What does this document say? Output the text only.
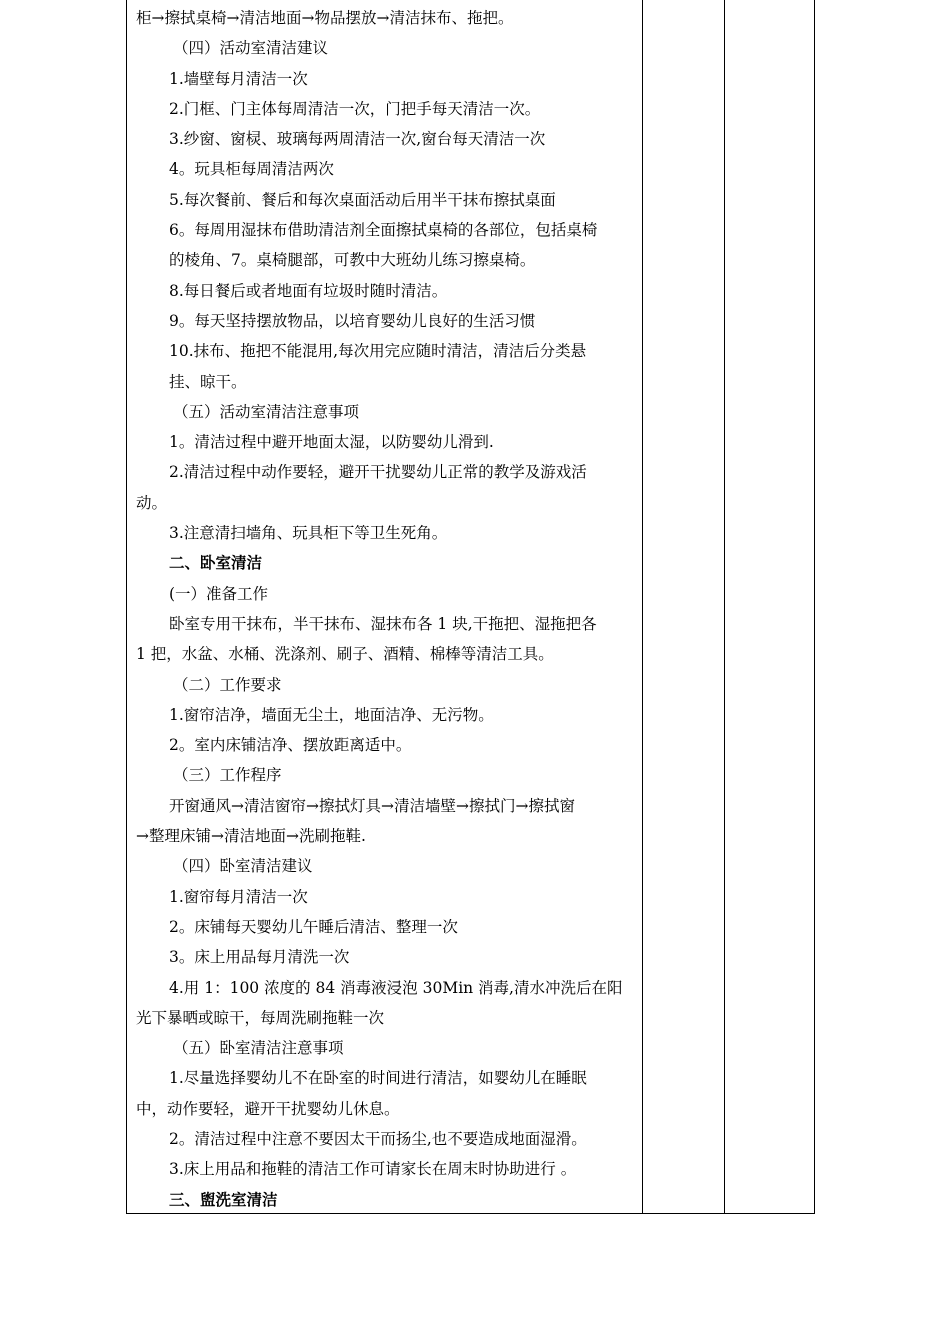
柜→擦拭桌椅→清洁地面→物品摆放→清洁抹布、拖把。
（四）活动室清洁建议
1.墙壁每月清洁一次
2.门框、门主体每周清洁一次，门把手每天清洁一次。
3.纱窗、窗棂、玻璃每两周清洁一次,窗台每天清洁一次
4。玩具柜每周清洁两次
5.每次餐前、餐后和每次桌面活动后用半干抹布擦拭桌面
6。每周用湿抹布借助清洁剂全面擦拭桌椅的各部位，包括桌椅
的棱角、7。桌椅腿部，可教中大班幼儿练习擦桌椅。
8.每日餐后或者地面有垃圾时随时清洁。
9。每天坚持摆放物品，以培育婴幼儿良好的生活习惯
10.抹布、拖把不能混用,每次用完应随时清洁，清洁后分类悬
挂、晾干。
（五）活动室清洁注意事项
1。清洁过程中避开地面太湿，以防婴幼儿滑到.
2.清洁过程中动作要轻，避开干扰婴幼儿正常的教学及游戏活
动。
3.注意清扫墙角、玩具柜下等卫生死角。
二、卧室清洁
(一）准备工作
卧室专用干抹布，半干抹布、湿抹布各 1 块,干拖把、湿拖把各
1 把，水盆、水桶、洗涤剂、刷子、酒精、棉棒等清洁工具。
（二）工作要求
1.窗帘洁净，墙面无尘土，地面洁净、无污物。
2。室内床铺洁净、摆放距离适中。
（三）工作程序
开窗通风→清洁窗帘→擦拭灯具→清洁墙壁→擦拭门→擦拭窗
→整理床铺→清洁地面→洗刷拖鞋.
（四）卧室清洁建议
1.窗帘每月清洁一次
2。床铺每天婴幼儿午睡后清洁、整理一次
3。床上用品每月清洗一次
4.用 1：100 浓度的 84 消毒液浸泡 30Min 消毒,清水冲洗后在阳
光下暴晒或晾干，每周洗刷拖鞋一次
（五）卧室清洁注意事项
1.尽量选择婴幼儿不在卧室的时间进行清洁，如婴幼儿在睡眠
中，动作要轻，避开干扰婴幼儿休息。
2。清洁过程中注意不要因太干而扬尘,也不要造成地面湿滑。
3.床上用品和拖鞋的清洁工作可请家长在周末时协助进行 。
三、盥洗室清洁
